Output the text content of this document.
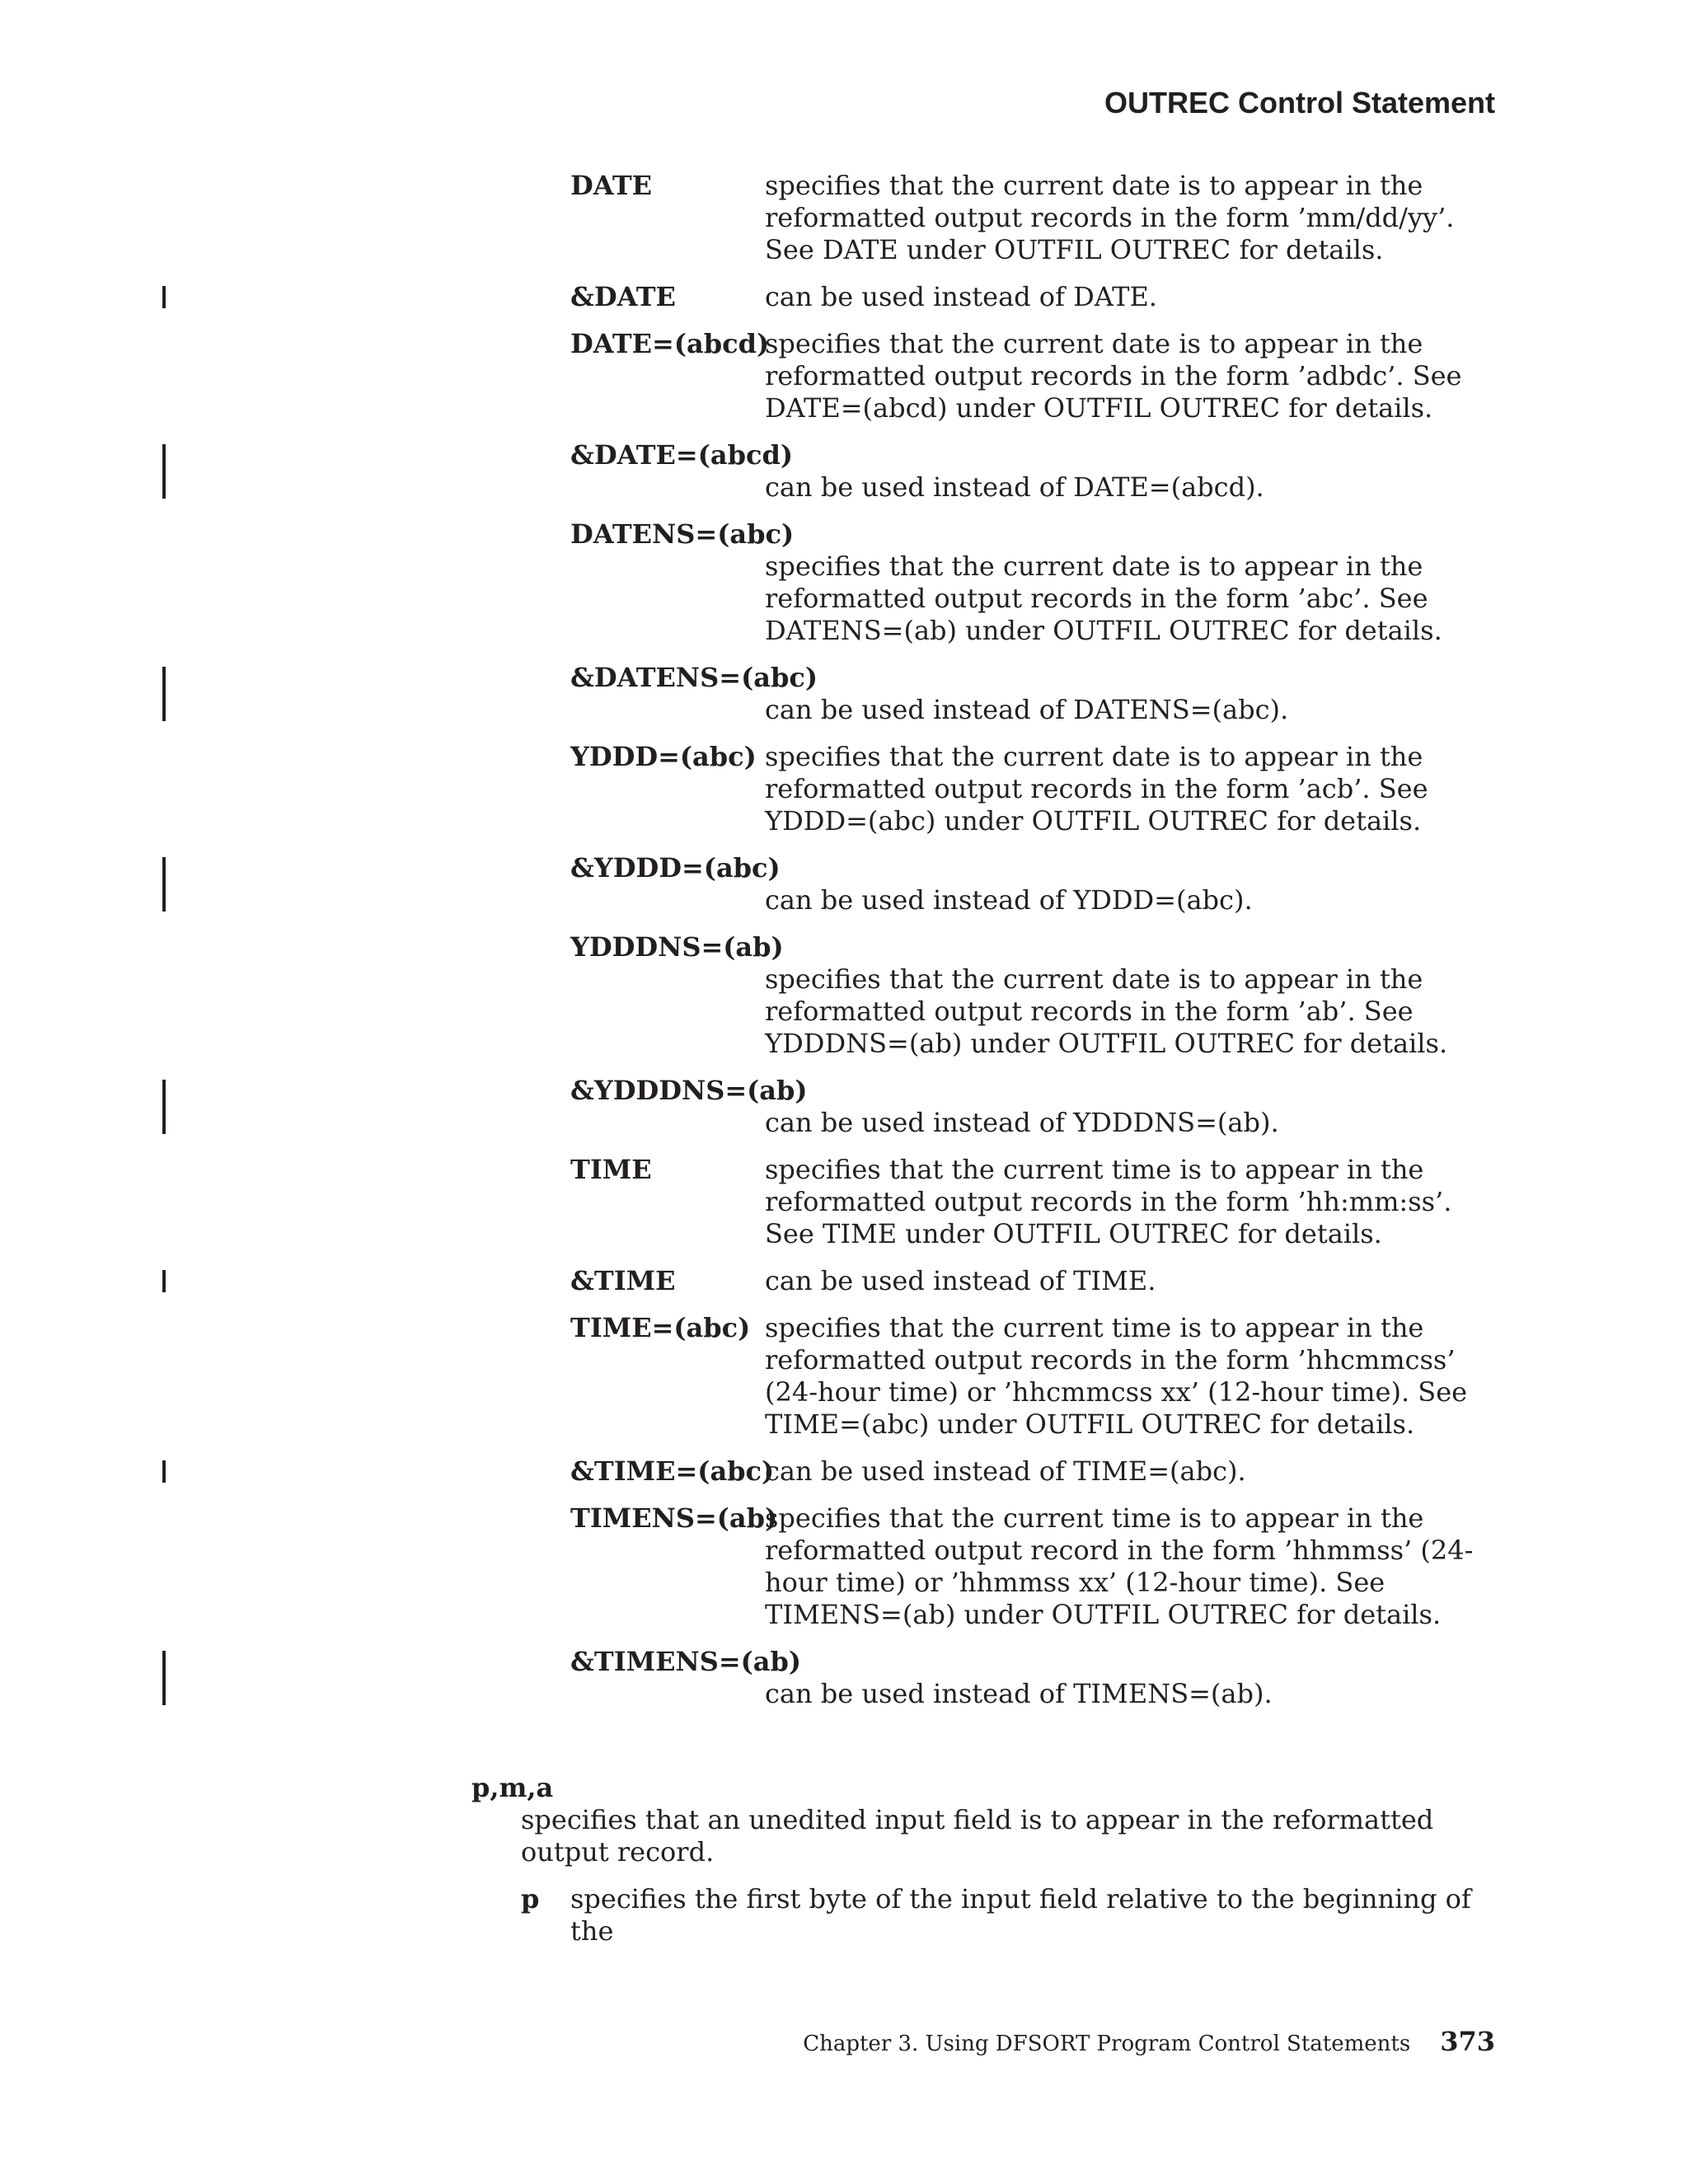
OUTREC Control Statement
DATE	specifies that the current date is to appear in the reformatted output records in the form ’mm/dd/yy’. See DATE under OUTFIL OUTREC for details.
&DATE	can be used instead of DATE.
DATE=(abcd)
specifies that the current date is to appear in the reformatted output records in the form ’adbdc’. See DATE=(abcd) under OUTFIL OUTREC for details.
&DATE=(abcd)
can be used instead of DATE=(abcd).
DATENS=(abc)
specifies that the current date is to appear in the reformatted output records in the form ’abc’. See DATENS=(ab) under OUTFIL OUTREC for details.
&DATENS=(abc)
can be used instead of DATENS=(abc).
YDDD=(abc) specifies that the current date is to appear in the reformatted output records in the form ’acb’. See YDDD=(abc) under OUTFIL OUTREC for details.
&YDDD=(abc)
can be used instead of YDDD=(abc).
YDDDNS=(ab)
specifies that the current date is to appear in the reformatted output records in the form ’ab’. See YDDDNS=(ab) under OUTFIL OUTREC for details.
&YDDDNS=(ab)
can be used instead of YDDDNS=(ab).
TIME	specifies that the current time is to appear in the reformatted output records in the form ’hh:mm:ss’. See TIME under OUTFIL OUTREC for details.
&TIME	can be used instead of TIME.
TIME=(abc) specifies that the current time is to appear in the reformatted output records in the form ’hhcmmcss’ (24-hour time) or ’hhcmmcss xx’ (12-hour time). See TIME=(abc) under OUTFIL OUTREC for details.
&TIME=(abc)
can be used instead of TIME=(abc).
TIMENS=(ab)
specifies that the current time is to appear in the reformatted output record in the form ’hhmmss’ (24-hour time) or ’hhmmss xx’ (12-hour time). See TIMENS=(ab) under OUTFIL OUTREC for details.
&TIMENS=(ab)
can be used instead of TIMENS=(ab).
p,m,a
specifies that an unedited input field is to appear in the reformatted output record.
p specifies the first byte of the input field relative to the beginning of the
Chapter 3. Using DFSORT Program Control Statements 373
